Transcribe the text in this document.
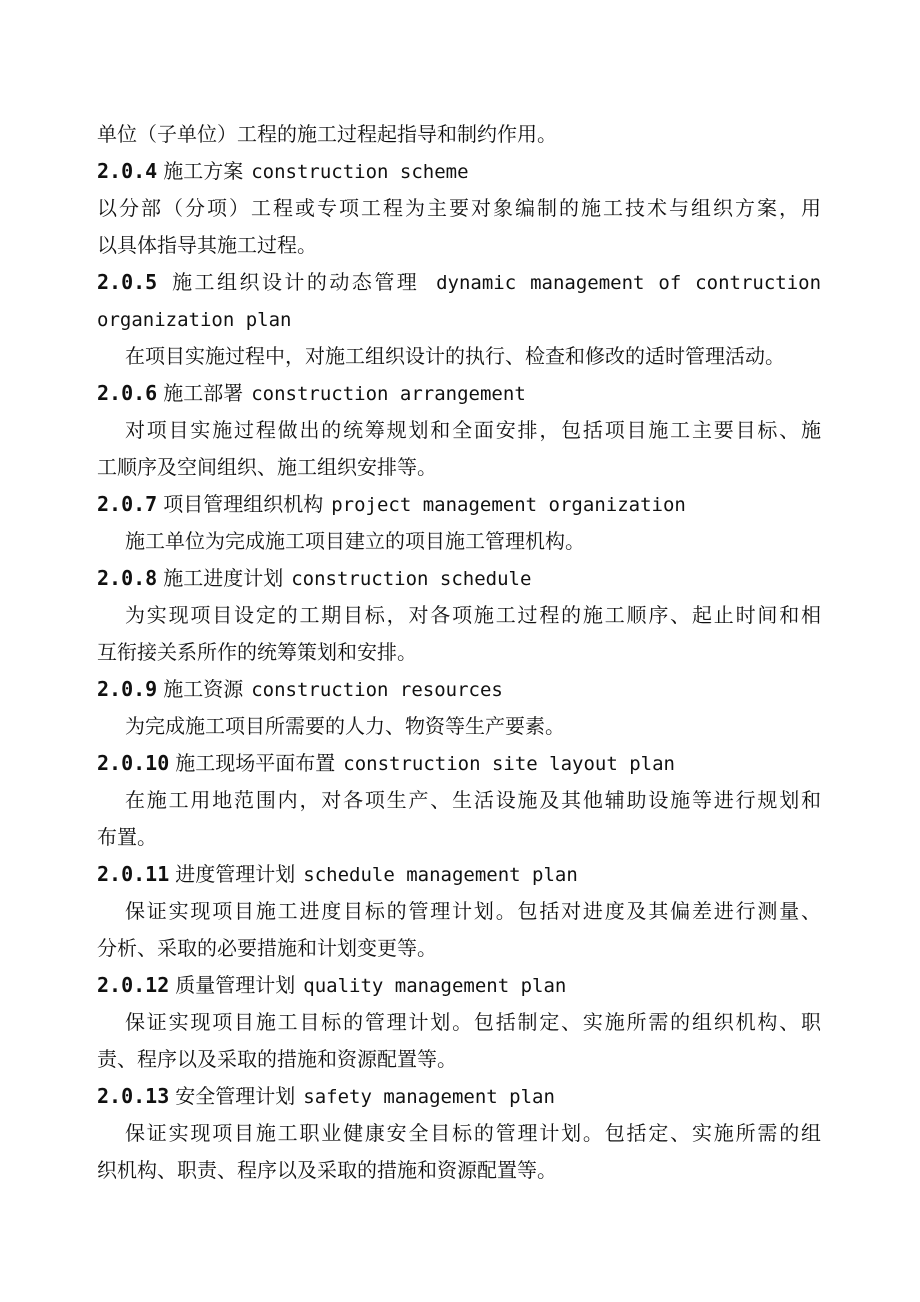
单位（子单位）工程的施工过程起指导和制约作用。
2.0.4 施工方案 construction scheme
以分部（分项）工程或专项工程为主要对象编制的施工技术与组织方案，用
以具体指导其施工过程。
2.0.5 施工组织设计的动态管理 dynamic management of contruction
organization plan
在项目实施过程中，对施工组织设计的执行、检查和修改的适时管理活动。
2.0.6 施工部署 construction arrangement
对项目实施过程做出的统筹规划和全面安排，包括项目施工主要目标、施
工顺序及空间组织、施工组织安排等。
2.0.7 项目管理组织机构 project management organization
施工单位为完成施工项目建立的项目施工管理机构。
2.0.8 施工进度计划 construction schedule
为实现项目设定的工期目标，对各项施工过程的施工顺序、起止时间和相
互衔接关系所作的统筹策划和安排。
2.0.9 施工资源 construction resources
为完成施工项目所需要的人力、物资等生产要素。
2.0.10 施工现场平面布置 construction site layout plan
在施工用地范围内，对各项生产、生活设施及其他辅助设施等进行规划和
布置。
2.0.11 进度管理计划 schedule management plan
保证实现项目施工进度目标的管理计划。包括对进度及其偏差进行测量、
分析、采取的必要措施和计划变更等。
2.0.12 质量管理计划 quality management plan
保证实现项目施工目标的管理计划。包括制定、实施所需的组织机构、职
责、程序以及采取的措施和资源配置等。
2.0.13 安全管理计划 safety management plan
保证实现项目施工职业健康安全目标的管理计划。包括定、实施所需的组
织机构、职责、程序以及采取的措施和资源配置等。
